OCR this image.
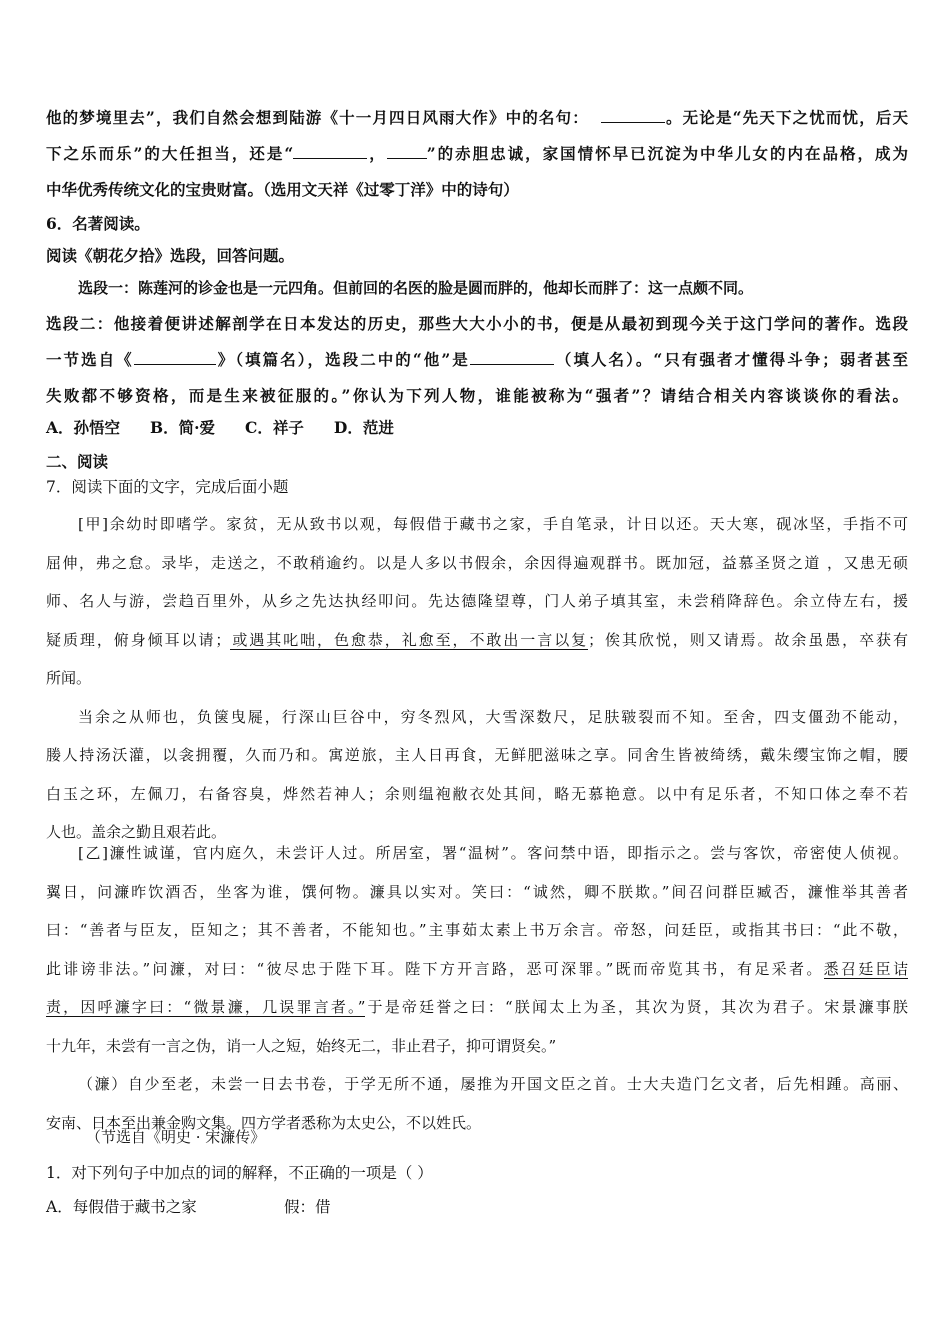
他的梦境里去”，我们自然会想到陆游《十一月四日风雨大作》中的名句：	。无论是“先天下之忧而忧，后天
下之乐而乐”的大任担当，还是“	，	”的赤胆忠诚，家国情怀早已沉淀为中华儿女的内在品格，成为
中华优秀传统文化的宝贵财富。（选用文天祥《过零丁洋》中的诗句）
6．名著阅读。
阅读《朝花夕拾》选段，回答问题。
选段一：陈莲河的诊金也是一元四角。但前回的名医的脸是圆而胖的，他却长而胖了：这一点颇不同。
选段二：他接着便讲述解剖学在日本发达的历史，那些大大小小的书，便是从最初到现今关于这门学问的著作。选段
一节选自《	》（填篇名），选段二中的“他”是	（填人名）。“只有强者才懂得斗争；弱者甚至
失败都不够资格，而是生来被征服的。”你认为下列人物，谁能被称为“强者”？请结合相关内容谈谈你的看法。
A．孙悟空 B．简·爱 C．祥子 D．范进
二、阅读
7．阅读下面的文字，完成后面小题
[甲]余幼时即嗜学。家贫，无从致书以观，每假借于藏书之家，手自笔录，计日以还。天大寒，砚冰坚，手指不可
屈伸，弗之怠。录毕，走送之，不敢稍逾约。以是人多以书假余，余因得遍观群书。既加冠，益慕圣贤之道 ，又患无硕
师、名人与游，尝趋百里外，从乡之先达执经叩问。先达德隆望尊，门人弟子填其室，未尝稍降辞色。余立侍左右，援
疑质理，俯身倾耳以请；或遇其叱咄，色愈恭，礼愈至，不敢出一言以复；俟其欣悦，则又请焉。故余虽愚，卒获有
所闻。
当余之从师也，负箧曳屣，行深山巨谷中，穷冬烈风，大雪深数尺，足肤皲裂而不知。至舍，四支僵劲不能动，
媵人持汤沃灌，以衾拥覆，久而乃和。寓逆旅，主人日再食，无鲜肥滋味之享。同舍生皆被绮绣，戴朱缨宝饰之帽，腰
白玉之环，左佩刀，右备容臭，烨然若神人；余则缊袍敝衣处其间，略无慕艳意。以中有足乐者，不知口体之奉不若
人也。盖余之勤且艰若此。
[乙]濂性诚谨，官内庭久，未尝讦人过。所居室，署“温树”。客问禁中语，即指示之。尝与客饮，帝密使人侦视。
翼日，问濂昨饮酒否，坐客为谁，馔何物。濂具以实对。笑曰：“诚然，卿不朕欺。”间召问群臣臧否，濂惟举其善者
曰：“善者与臣友，臣知之；其不善者，不能知也。”主事茹太素上书万余言。帝怒，问廷臣，或指其书曰：“此不敬，
此诽谤非法。”问濂，对曰：“彼尽忠于陛下耳。陛下方开言路，恶可深罪。”既而帝览其书，有足采者。悉召廷臣诘
责，因呼濂字曰：“微景濂，几误罪言者。”于是帝廷誉之曰：“朕闻太上为圣，其次为贤，其次为君子。宋景濂事朕
十九年，未尝有一言之伪，诮一人之短，始终无二，非止君子，抑可谓贤矣。”
（濂）自少至老，未尝一日去书卷，于学无所不通，屡推为开国文臣之首。士大夫造门乞文者，后先相踵。高丽、
安南、日本至出兼金购文集。四方学者悉称为太史公，不以姓氏。
（节选自《明史 · 宋濂传》
1．对下列句子中加点的词的解释，不正确的一项是（ ）
A．每假借于藏书之家	假：借
